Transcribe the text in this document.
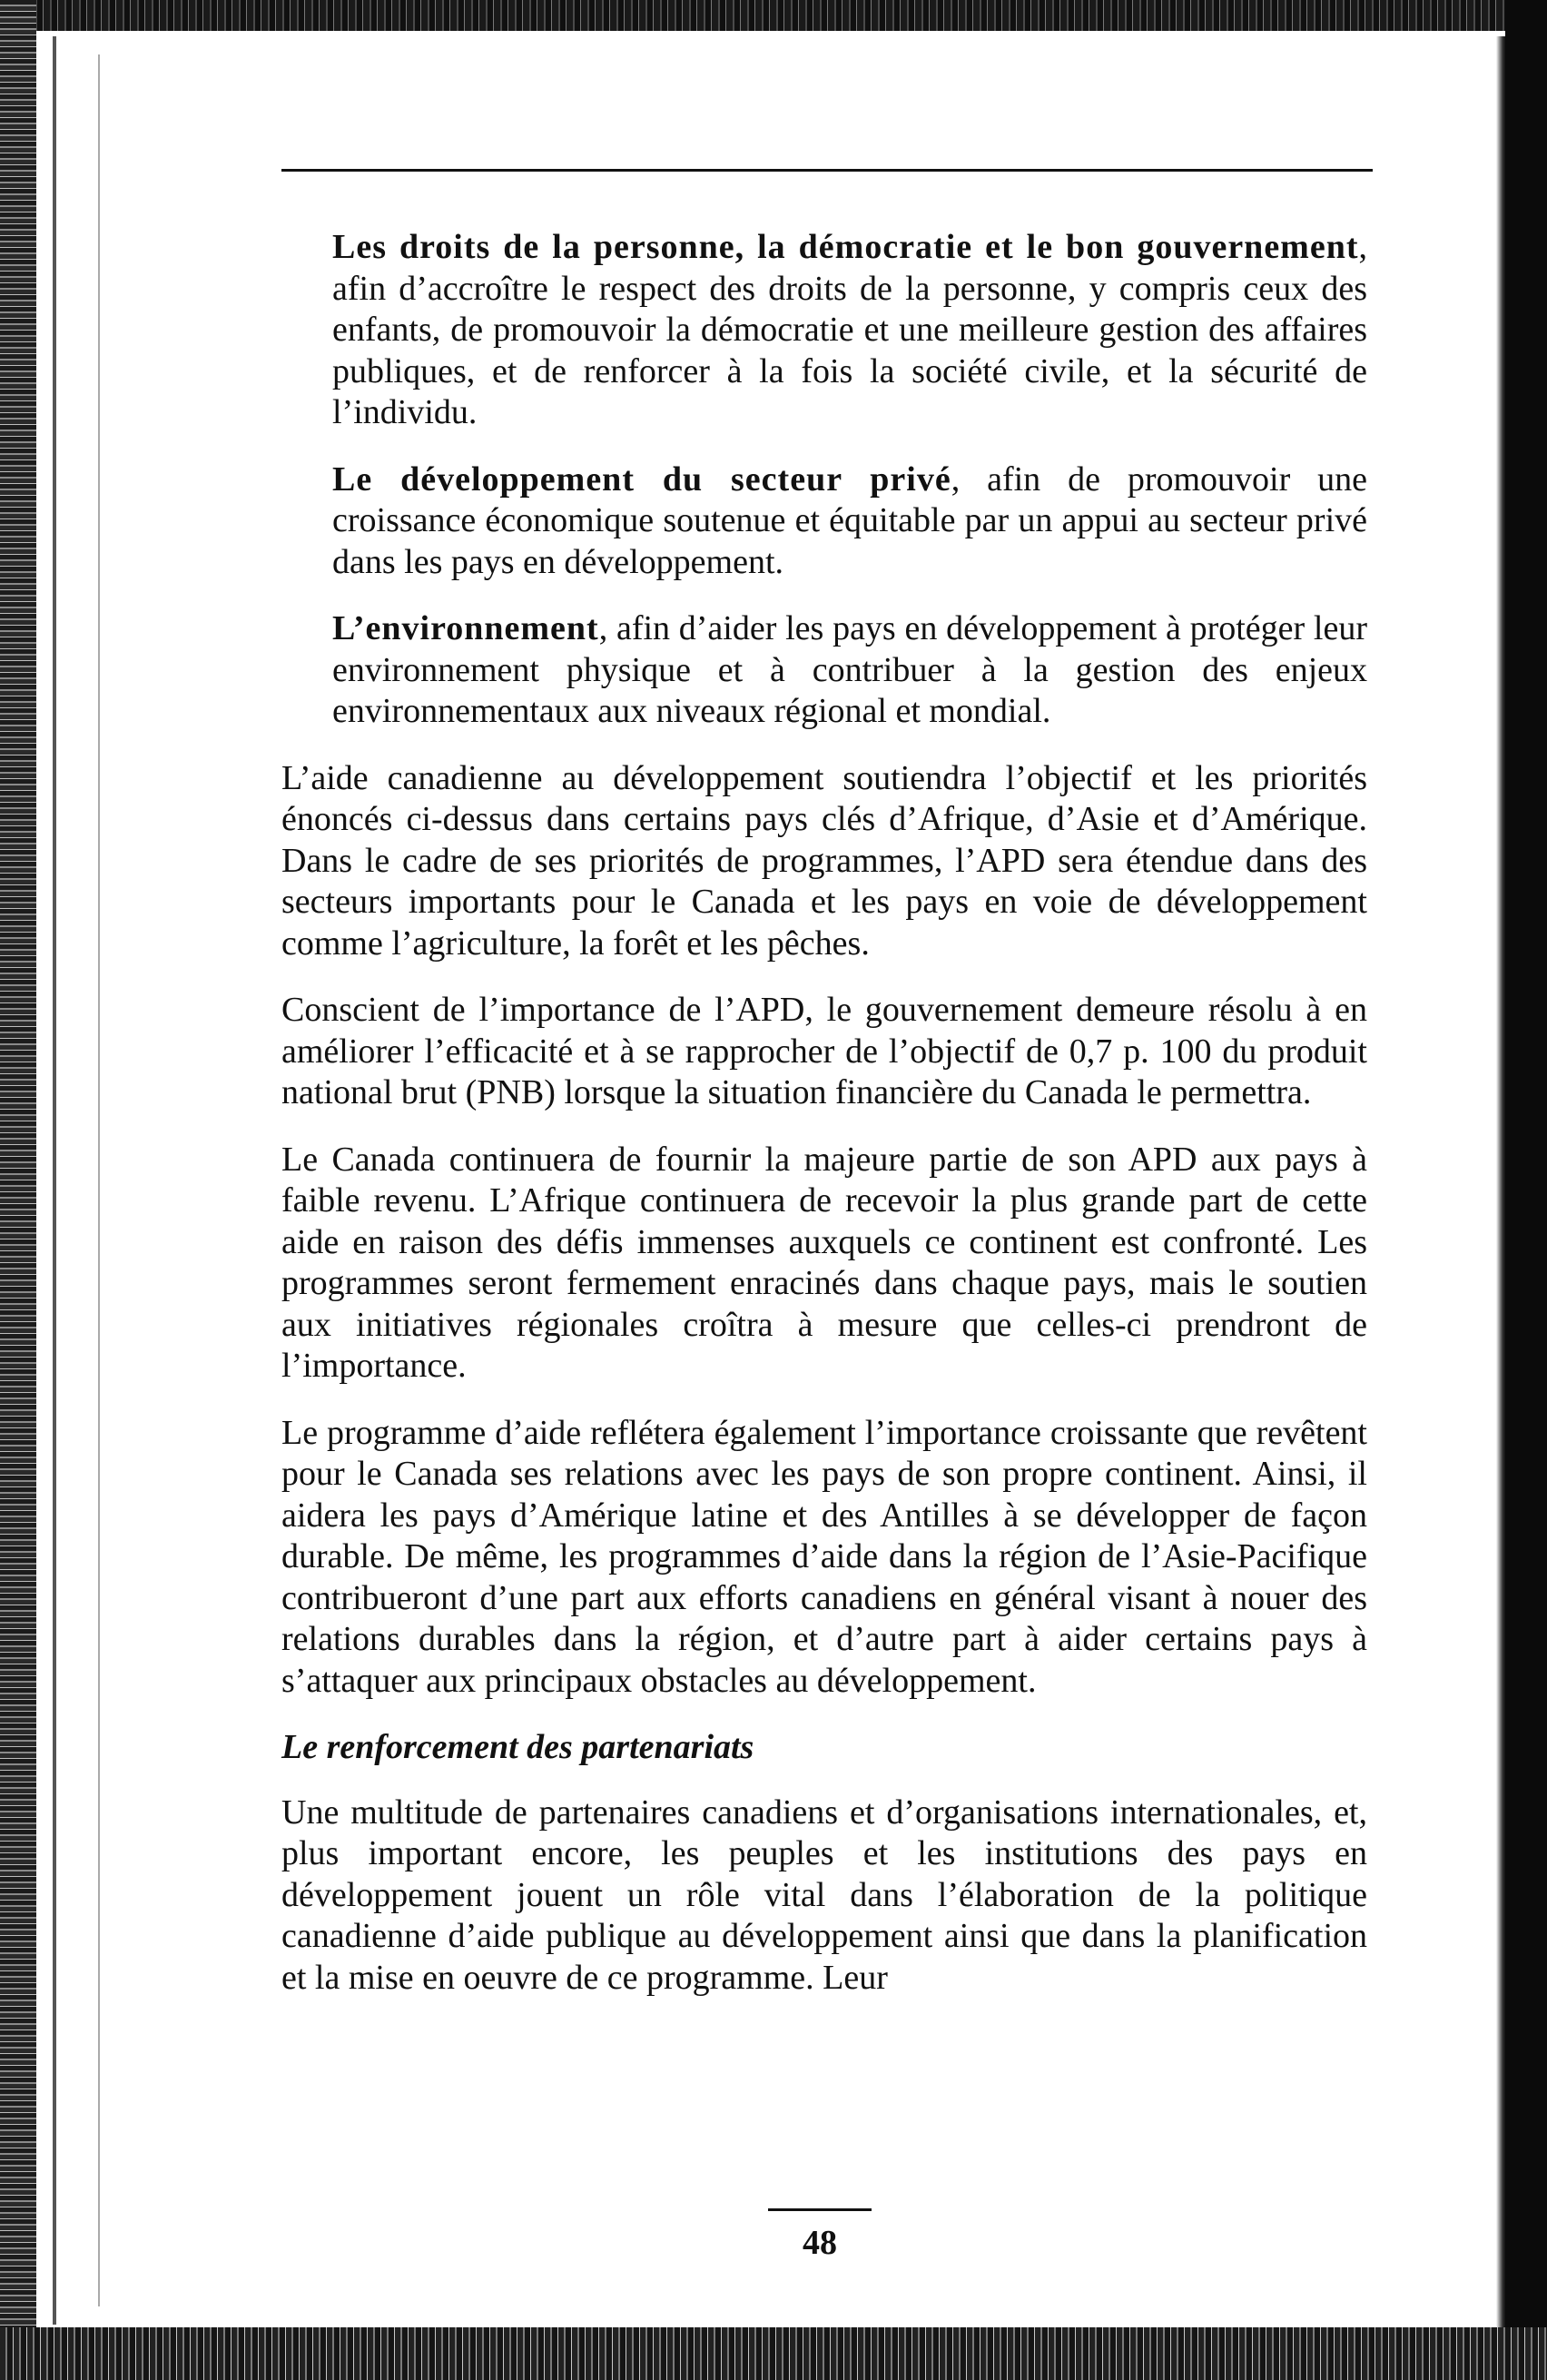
Les droits de la personne, la démocratie et le bon gouvernement, afin d’accroître le respect des droits de la personne, y compris ceux des enfants, de promouvoir la démocratie et une meilleure gestion des affaires publiques, et de renforcer à la fois la société civile, et la sécurité de l’individu.

Le développement du secteur privé, afin de promouvoir une croissance économique soutenue et équitable par un appui au secteur privé dans les pays en développement.

L’environnement, afin d’aider les pays en développement à protéger leur environnement physique et à contribuer à la gestion des enjeux environnementaux aux niveaux régional et mondial.

L’aide canadienne au développement soutiendra l’objectif et les priorités énoncés ci-dessus dans certains pays clés d’Afrique, d’Asie et d’Amérique. Dans le cadre de ses priorités de programmes, l’APD sera étendue dans des secteurs importants pour le Canada et les pays en voie de développement comme l’agriculture, la forêt et les pêches.

Conscient de l’importance de l’APD, le gouvernement demeure résolu à en améliorer l’efficacité et à se rapprocher de l’objectif de 0,7 p. 100 du produit national brut (PNB) lorsque la situation financière du Canada le permettra.

Le Canada continuera de fournir la majeure partie de son APD aux pays à faible revenu. L’Afrique continuera de recevoir la plus grande part de cette aide en raison des défis immenses auxquels ce continent est confronté. Les programmes seront fermement enracinés dans chaque pays, mais le soutien aux initiatives régionales croîtra à mesure que celles-ci prendront de l’importance.

Le programme d’aide reflétera également l’importance croissante que revêtent pour le Canada ses relations avec les pays de son propre continent. Ainsi, il aidera les pays d’Amérique latine et des Antilles à se développer de façon durable. De même, les programmes d’aide dans la région de l’Asie-Pacifique contribueront d’une part aux efforts canadiens en général visant à nouer des relations durables dans la région, et d’autre part à aider certains pays à s’attaquer aux principaux obstacles au développement.

Le renforcement des partenariats

Une multitude de partenaires canadiens et d’organisations internationales, et, plus important encore, les peuples et les institutions des pays en développement jouent un rôle vital dans l’élaboration de la politique canadienne d’aide publique au développement ainsi que dans la planification et la mise en oeuvre de ce programme. Leur

48
